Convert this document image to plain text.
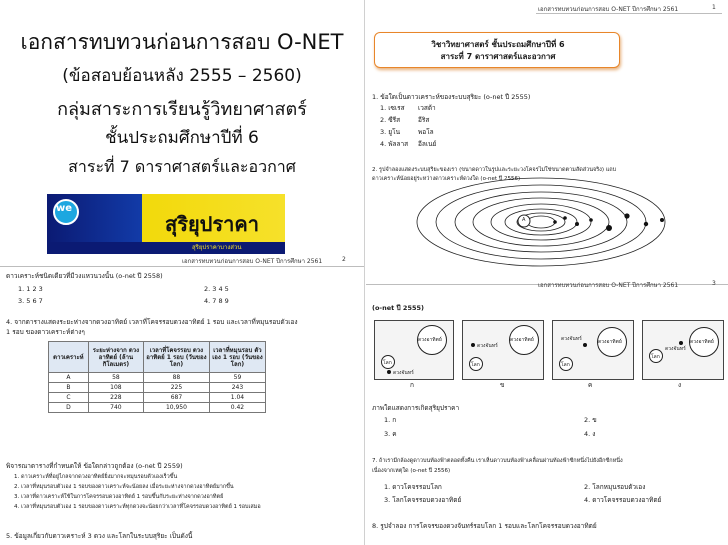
เอกสารทบทวนก่อนการสอบ O-NET
(ข้อสอบย้อนหลัง 2555 – 2560)
กลุ่มสาระการเรียนรู้วิทยาศาสตร์
ชั้นประถมศึกษาปีที่ 6
สาระที่ 7 ดาราศาสตร์และอวกาศ
we
สุริยุปราคา
สุริยุปราคาบางส่วน
เอกสารทบทวนก่อนการสอบ O-NET ปีการศึกษา 2561	2
ดาวเคราะห์ชนิดเดียวที่มีวงแหวนวงนั้น (o-net ปี 2558)
1. 1 2 3	2. 3 4 5
3. 5 6 7	4. 7 8 9
4. จากตารางแสดงระยะห่างจากดวงอาทิตย์ เวลาที่โคจรรอบดวงอาทิตย์ 1 รอบ และเวลาที่หมุนรอบตัวเอง
1 รอบ ของดาวเคราะห์ต่างๆ
ดาวเคราะห์	ระยะห่างจาก ดวงอาทิตย์ (ล้านกิโลเมตร)	เวลาที่โคจรรอบ ดวงอาทิตย์ 1 รอบ (วันของโลก)	เวลาที่หมุนรอบ ตัวเอง 1 รอบ (วันของโลก)
A	58	88	59
B	108	225	243
C	228	687	1.04
D	740	10,950	0.42
พิจารณาตารางที่กำหนดให้ ข้อใดกล่าวถูกต้อง (o-net ปี 2559)
1. ดาวเคราะห์ที่อยู่ไกลจากดวงอาทิตย์ยิ่งมากจะหมุนรอบตัวเองเร็วขึ้น
2. เวลาที่หมุนรอบตัวเอง 1 รอบของดาวเคราะห์จะน้อยลง เมื่อระยะห่างจากดวงอาทิตย์มากขึ้น
3. เวลาที่ดาวเคราะห์ใช้ในการโคจรรอบดวงอาทิตย์ 1 รอบขึ้นกับระยะห่างจากดวงอาทิตย์
4. เวลาที่หมุนรอบตัวเอง 1 รอบของดาวเคราะห์ทุกดวงจะน้อยกว่าเวลาที่โคจรรอบดวงอาทิตย์ 1 รอบเสมอ
5. ข้อมูลเกี่ยวกับดาวเคราะห์ 3 ดวง และโลกในระบบสุริยะ เป็นดังนี้
เอกสารทบทวนก่อนการสอบ O-NET ปีการศึกษา 2561	1
วิชาวิทยาศาสตร์ ชั้นประถมศึกษาปีที่ 6
สาระที่ 7 ดาราศาสตร์และอวกาศ
1. ข้อใดเป็นดาวเคราะห์ของระบบสุริยะ (o-net ปี 2555)
1. เซเรส เวสต้า
2. ซีรีส	อีริส
3. ยูโน	พอโล
4. พัลลาส อีลเนย์
2. รูปจำลองแสดงระบบสุริยะของเรา (ขนาดดาวในรูปและระยะวงโคจรไม่ใช่ขนาดตามสัดส่วนจริง) แถบ
ดาวเคราะห์น้อยอยู่ระหว่างดาวเคราะห์ดวงใด (o-net ปี 2556)
A
เอกสารทบทวนก่อนการสอบ O-NET ปีการศึกษา 2561	3
(o-net ปี 2555)
ดวงอาทิตย์
โลก
ดวงจันทร์
ก
ดวงอาทิตย์
ดวงจันทร์
โลก
ข
ดวงอาทิตย์
ดวงจันทร์
โลก
ค
ดวงอาทิตย์
โลก
ดวงจันทร์
ง
ภาพใดแสดงการเกิดสุริยุปราคา
1. ก	2. ข
3. ค	4. ง
7. ถ้าเรามีกล้องดูดาวบนท้องฟ้าตลอดทั้งคืน เราเห็นดาวบนท้องฟ้าเคลื่อนผ่านท้องฟ้าซีกหนึ่งไปยังอีกซีกหนึ่ง
เนื่องจากเหตุใด (o-net ปี 2556)
1. ดาวโคจรรอบโลก	2. โลกหมุนรอบตัวเอง
3. โลกโคจรรอบดวงอาทิตย์	4. ดาวโคจรรอบดวงอาทิตย์
8. รูปจำลอง การโคจรของดวงจันทร์รอบโลก 1 รอบและโลกโคจรรอบดวงอาทิตย์
